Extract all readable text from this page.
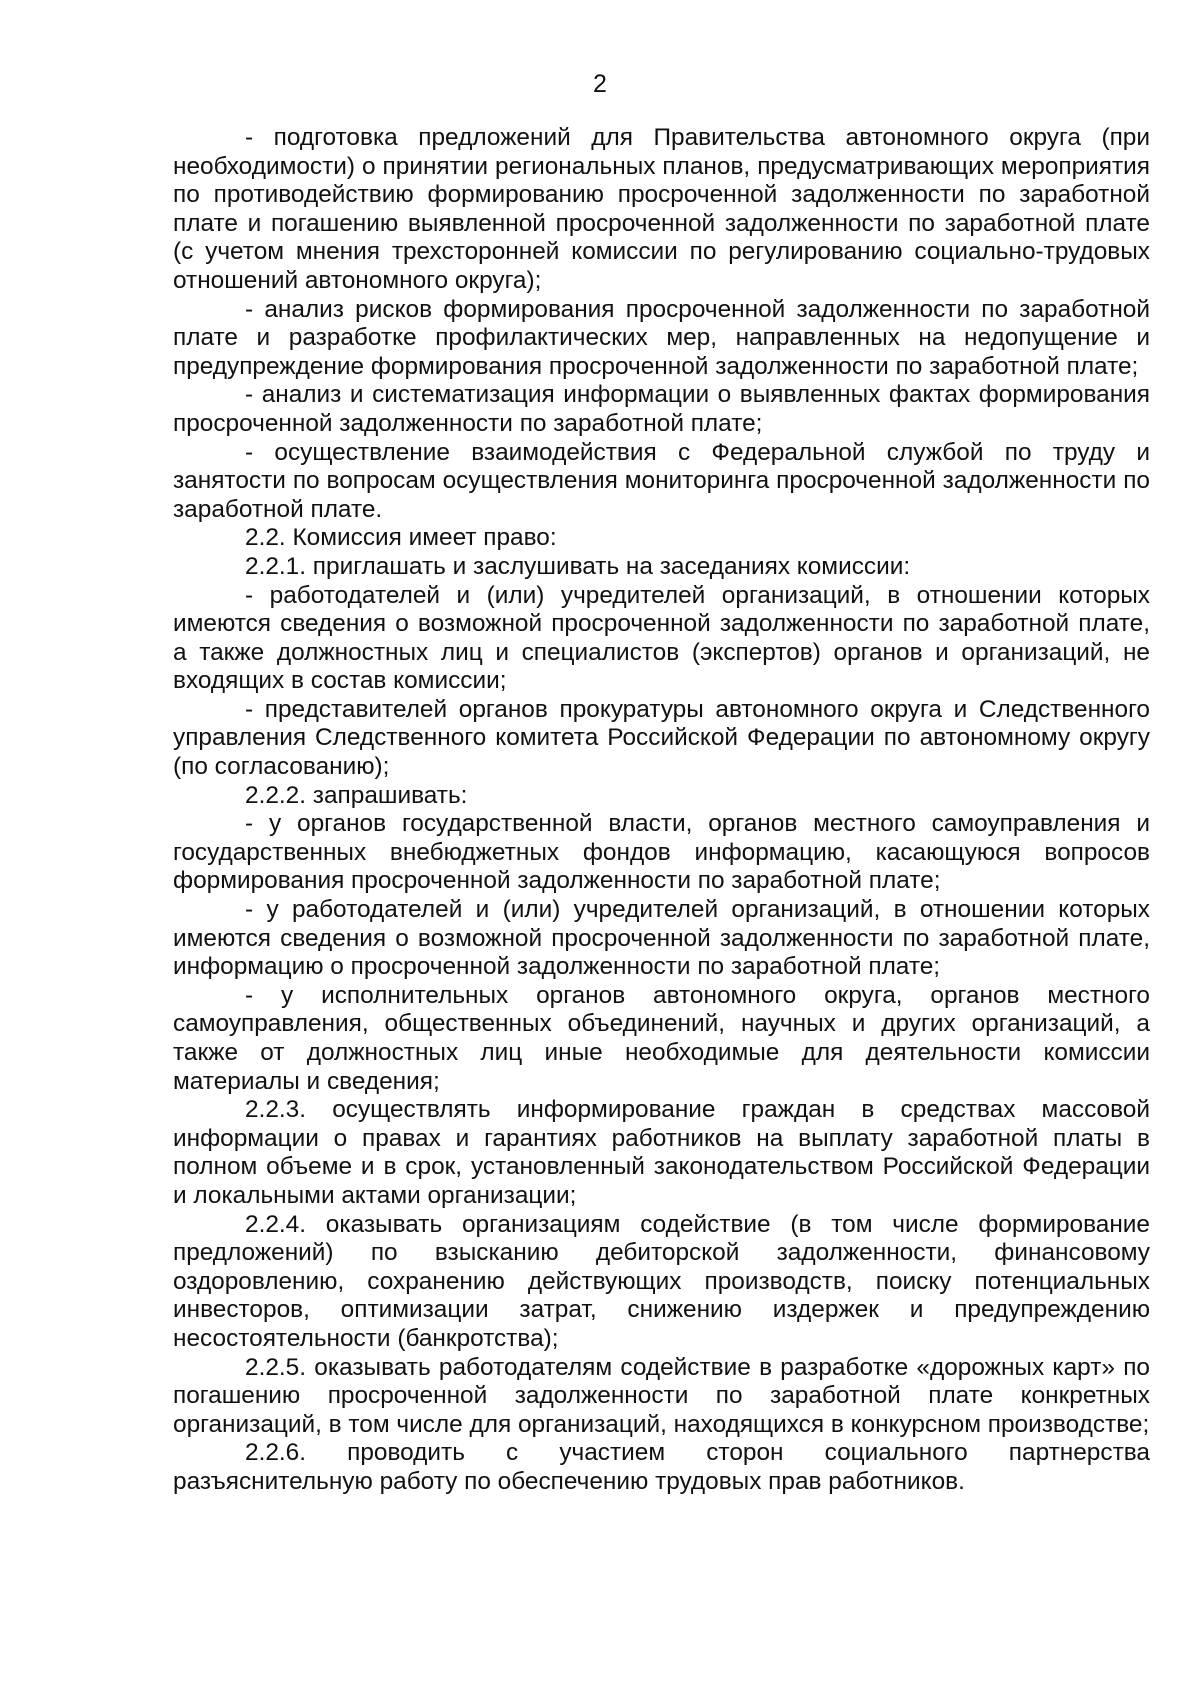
2

- подготовка предложений для Правительства автономного округа (при необходимости) о принятии региональных планов, предусматривающих мероприятия по противодействию формированию просроченной задолженности по заработной плате и погашению выявленной просроченной задолженности по заработной плате (с учетом мнения трехсторонней комиссии по регулированию социально-трудовых отношений автономного округа);

- анализ рисков формирования просроченной задолженности по заработной плате и разработке профилактических мер, направленных на недопущение и предупреждение формирования просроченной задолженности по заработной плате;

- анализ и систематизация информации о выявленных фактах формирования просроченной задолженности по заработной плате;

- осуществление взаимодействия с Федеральной службой по труду и занятости по вопросам осуществления мониторинга просроченной задолженности по заработной плате.

2.2. Комиссия имеет право:

2.2.1. приглашать и заслушивать на заседаниях комиссии:

- работодателей и (или) учредителей организаций, в отношении которых имеются сведения о возможной просроченной задолженности по заработной плате, а также должностных лиц и специалистов (экспертов) органов и организаций, не входящих в состав комиссии;

- представителей органов прокуратуры автономного округа и Следственного управления Следственного комитета Российской Федерации по автономному округу (по согласованию);

2.2.2. запрашивать:

- у органов государственной власти, органов местного самоуправления и государственных внебюджетных фондов информацию, касающуюся вопросов формирования просроченной задолженности по заработной плате;

- у работодателей и (или) учредителей организаций, в отношении которых имеются сведения о возможной просроченной задолженности по заработной плате, информацию о просроченной задолженности по заработной плате;

- у исполнительных органов автономного округа, органов местного самоуправления, общественных объединений, научных и других организаций, а также от должностных лиц иные необходимые для деятельности комиссии материалы и сведения;

2.2.3. осуществлять информирование граждан в средствах массовой информации о правах и гарантиях работников на выплату заработной платы в полном объеме и в срок, установленный законодательством Российской Федерации и локальными актами организации;

2.2.4. оказывать организациям содействие (в том числе формирование предложений) по взысканию дебиторской задолженности, финансовому оздоровлению, сохранению действующих производств, поиску потенциальных инвесторов, оптимизации затрат, снижению издержек и предупреждению несостоятельности (банкротства);

2.2.5. оказывать работодателям содействие в разработке «дорожных карт» по погашению просроченной задолженности по заработной плате конкретных организаций, в том числе для организаций, находящихся в конкурсном производстве;

2.2.6. проводить с участием сторон социального партнерства разъяснительную работу по обеспечению трудовых прав работников.
